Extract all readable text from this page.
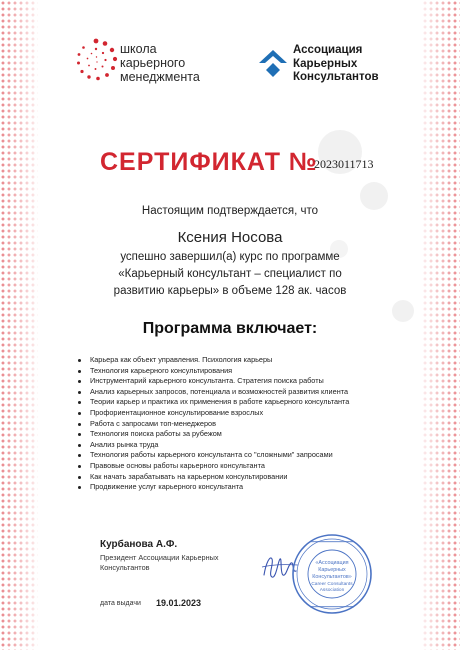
школа
карьерного
менеджмента
Ассоциация
Карьерных
Консультантов
СЕРТИФИКАТ №
2023011713
Настоящим подтверждается, что
Ксения Носова
успешно завершил(а) курс по программе «Карьерный консультант – специалист по развитию карьеры» в объеме 128 ак. часов
Программа включает:
Карьера как объект управления. Психология карьеры
Технология карьерного консультирования
Инструментарий карьерного консультанта. Стратегия поиска работы
Анализ карьерных запросов, потенциала и возможностей развития клиента
Теории карьер и практика их применения в работе карьерного консультанта
Профориентационное консультирование взрослых
Работа с запросами топ-менеджеров
Технология поиска работы за рубежом
Анализ рынка труда
Технология работы карьерного консультанта со "сложными" запросами
Правовые основы работы карьерного консультанта
Как начать зарабатывать на карьерном консультировании
Продвижение услуг карьерного консультанта
Курбанова А.Ф.
Президент Ассоциации Карьерных Консультантов
дата выдачи 19.01.2023
«Ассоциация
Карьерных
Консультантов»
Career Consultants
Association
